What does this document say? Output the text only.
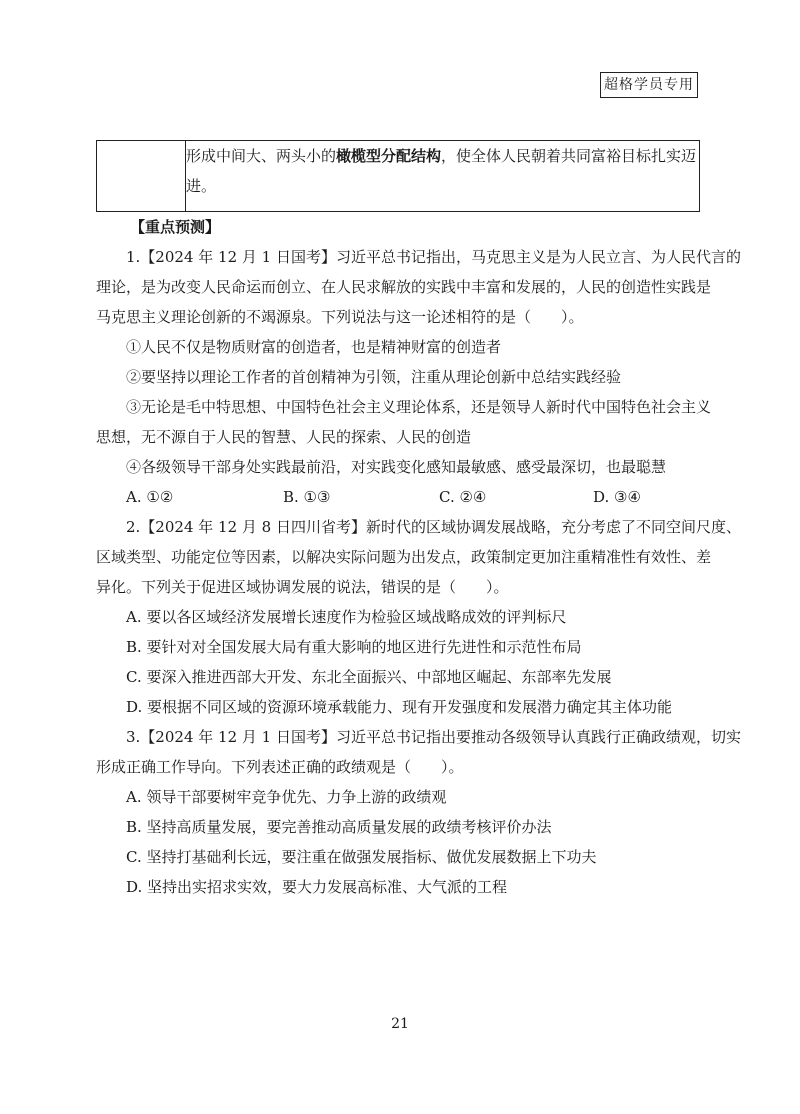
超格学员专用
	形成中间大、两头小的橄榄型分配结构，使全体人民朝着共同富裕目标扎实迈
进。
【重点预测】
1.【2024 年 12 月 1 日国考】习近平总书记指出，马克思主义是为人民立言、为人民代言的
理论，是为改变人民命运而创立、在人民求解放的实践中丰富和发展的，人民的创造性实践是
马克思主义理论创新的不竭源泉。下列说法与这一论述相符的是（　　）。
①人民不仅是物质财富的创造者，也是精神财富的创造者
②要坚持以理论工作者的首创精神为引领，注重从理论创新中总结实践经验
③无论是毛中特思想、中国特色社会主义理论体系，还是领导人新时代中国特色社会主义
思想，无不源自于人民的智慧、人民的探索、人民的创造
④各级领导干部身处实践最前沿，对实践变化感知最敏感、感受最深切，也最聪慧
A. ①②	B. ①③	C. ②④	D. ③④
2.【2024 年 12 月 8 日四川省考】新时代的区域协调发展战略，充分考虑了不同空间尺度、
区域类型、功能定位等因素，以解决实际问题为出发点，政策制定更加注重精准性有效性、差
异化。下列关于促进区域协调发展的说法，错误的是（　　）。
A. 要以各区域经济发展增长速度作为检验区域战略成效的评判标尺
B. 要针对对全国发展大局有重大影响的地区进行先进性和示范性布局
C. 要深入推进西部大开发、东北全面振兴、中部地区崛起、东部率先发展
D. 要根据不同区域的资源环境承载能力、现有开发强度和发展潜力确定其主体功能
3.【2024 年 12 月 1 日国考】习近平总书记指出要推动各级领导认真践行正确政绩观，切实
形成正确工作导向。下列表述正确的政绩观是（　　）。
A. 领导干部要树牢竞争优先、力争上游的政绩观
B. 坚持高质量发展，要完善推动高质量发展的政绩考核评价办法
C. 坚持打基础利长远，要注重在做强发展指标、做优发展数据上下功夫
D. 坚持出实招求实效，要大力发展高标准、大气派的工程
21
